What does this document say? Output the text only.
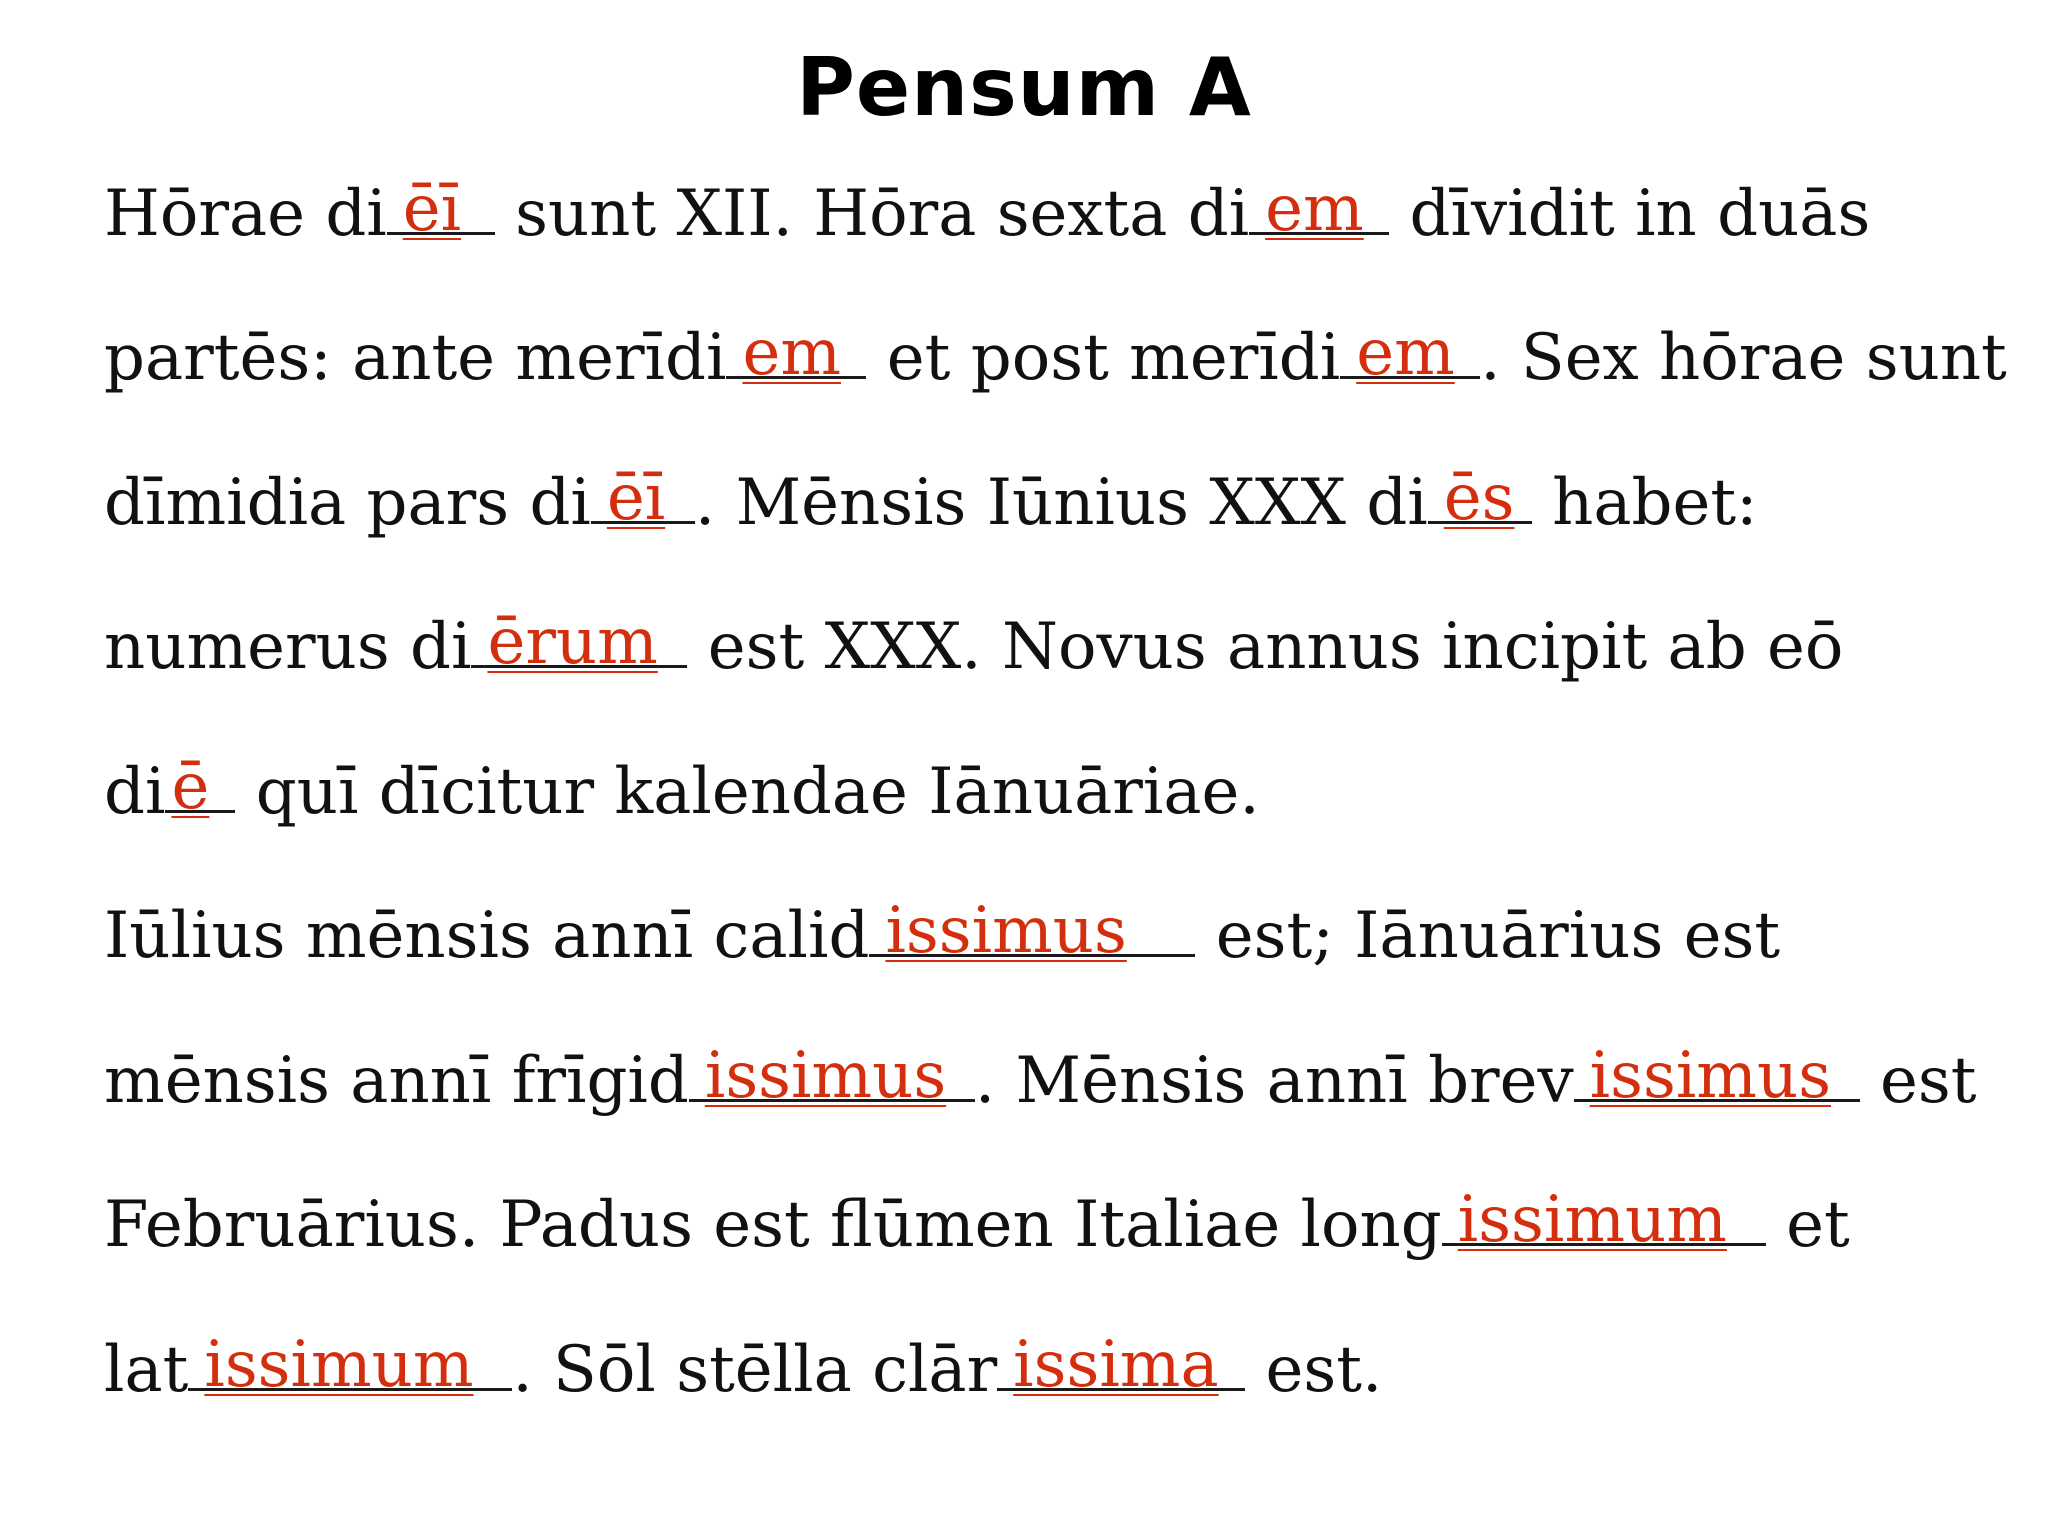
Pensum A
Hōrae di ēī sunt XII. Hōra sexta di em dīvidit in duās
partēs: ante merīdi em et post merīdi em . Sex hōrae sunt
dīmidia pars di ēī . Mēnsis Iūnius XXX di ēs habet:
numerus di ērum est XXX. Novus annus incipit ab eō
di ē quī dīcitur kalendae Iānuāriae.
Iūlius mēnsis annī calid issimus est; Iānuārius est
mēnsis annī frīgid issimus . Mēnsis annī brev issimus est
Februārius. Padus est flūmen Italiae long issimum et
lat issimum . Sōl stēlla clār issima est.
